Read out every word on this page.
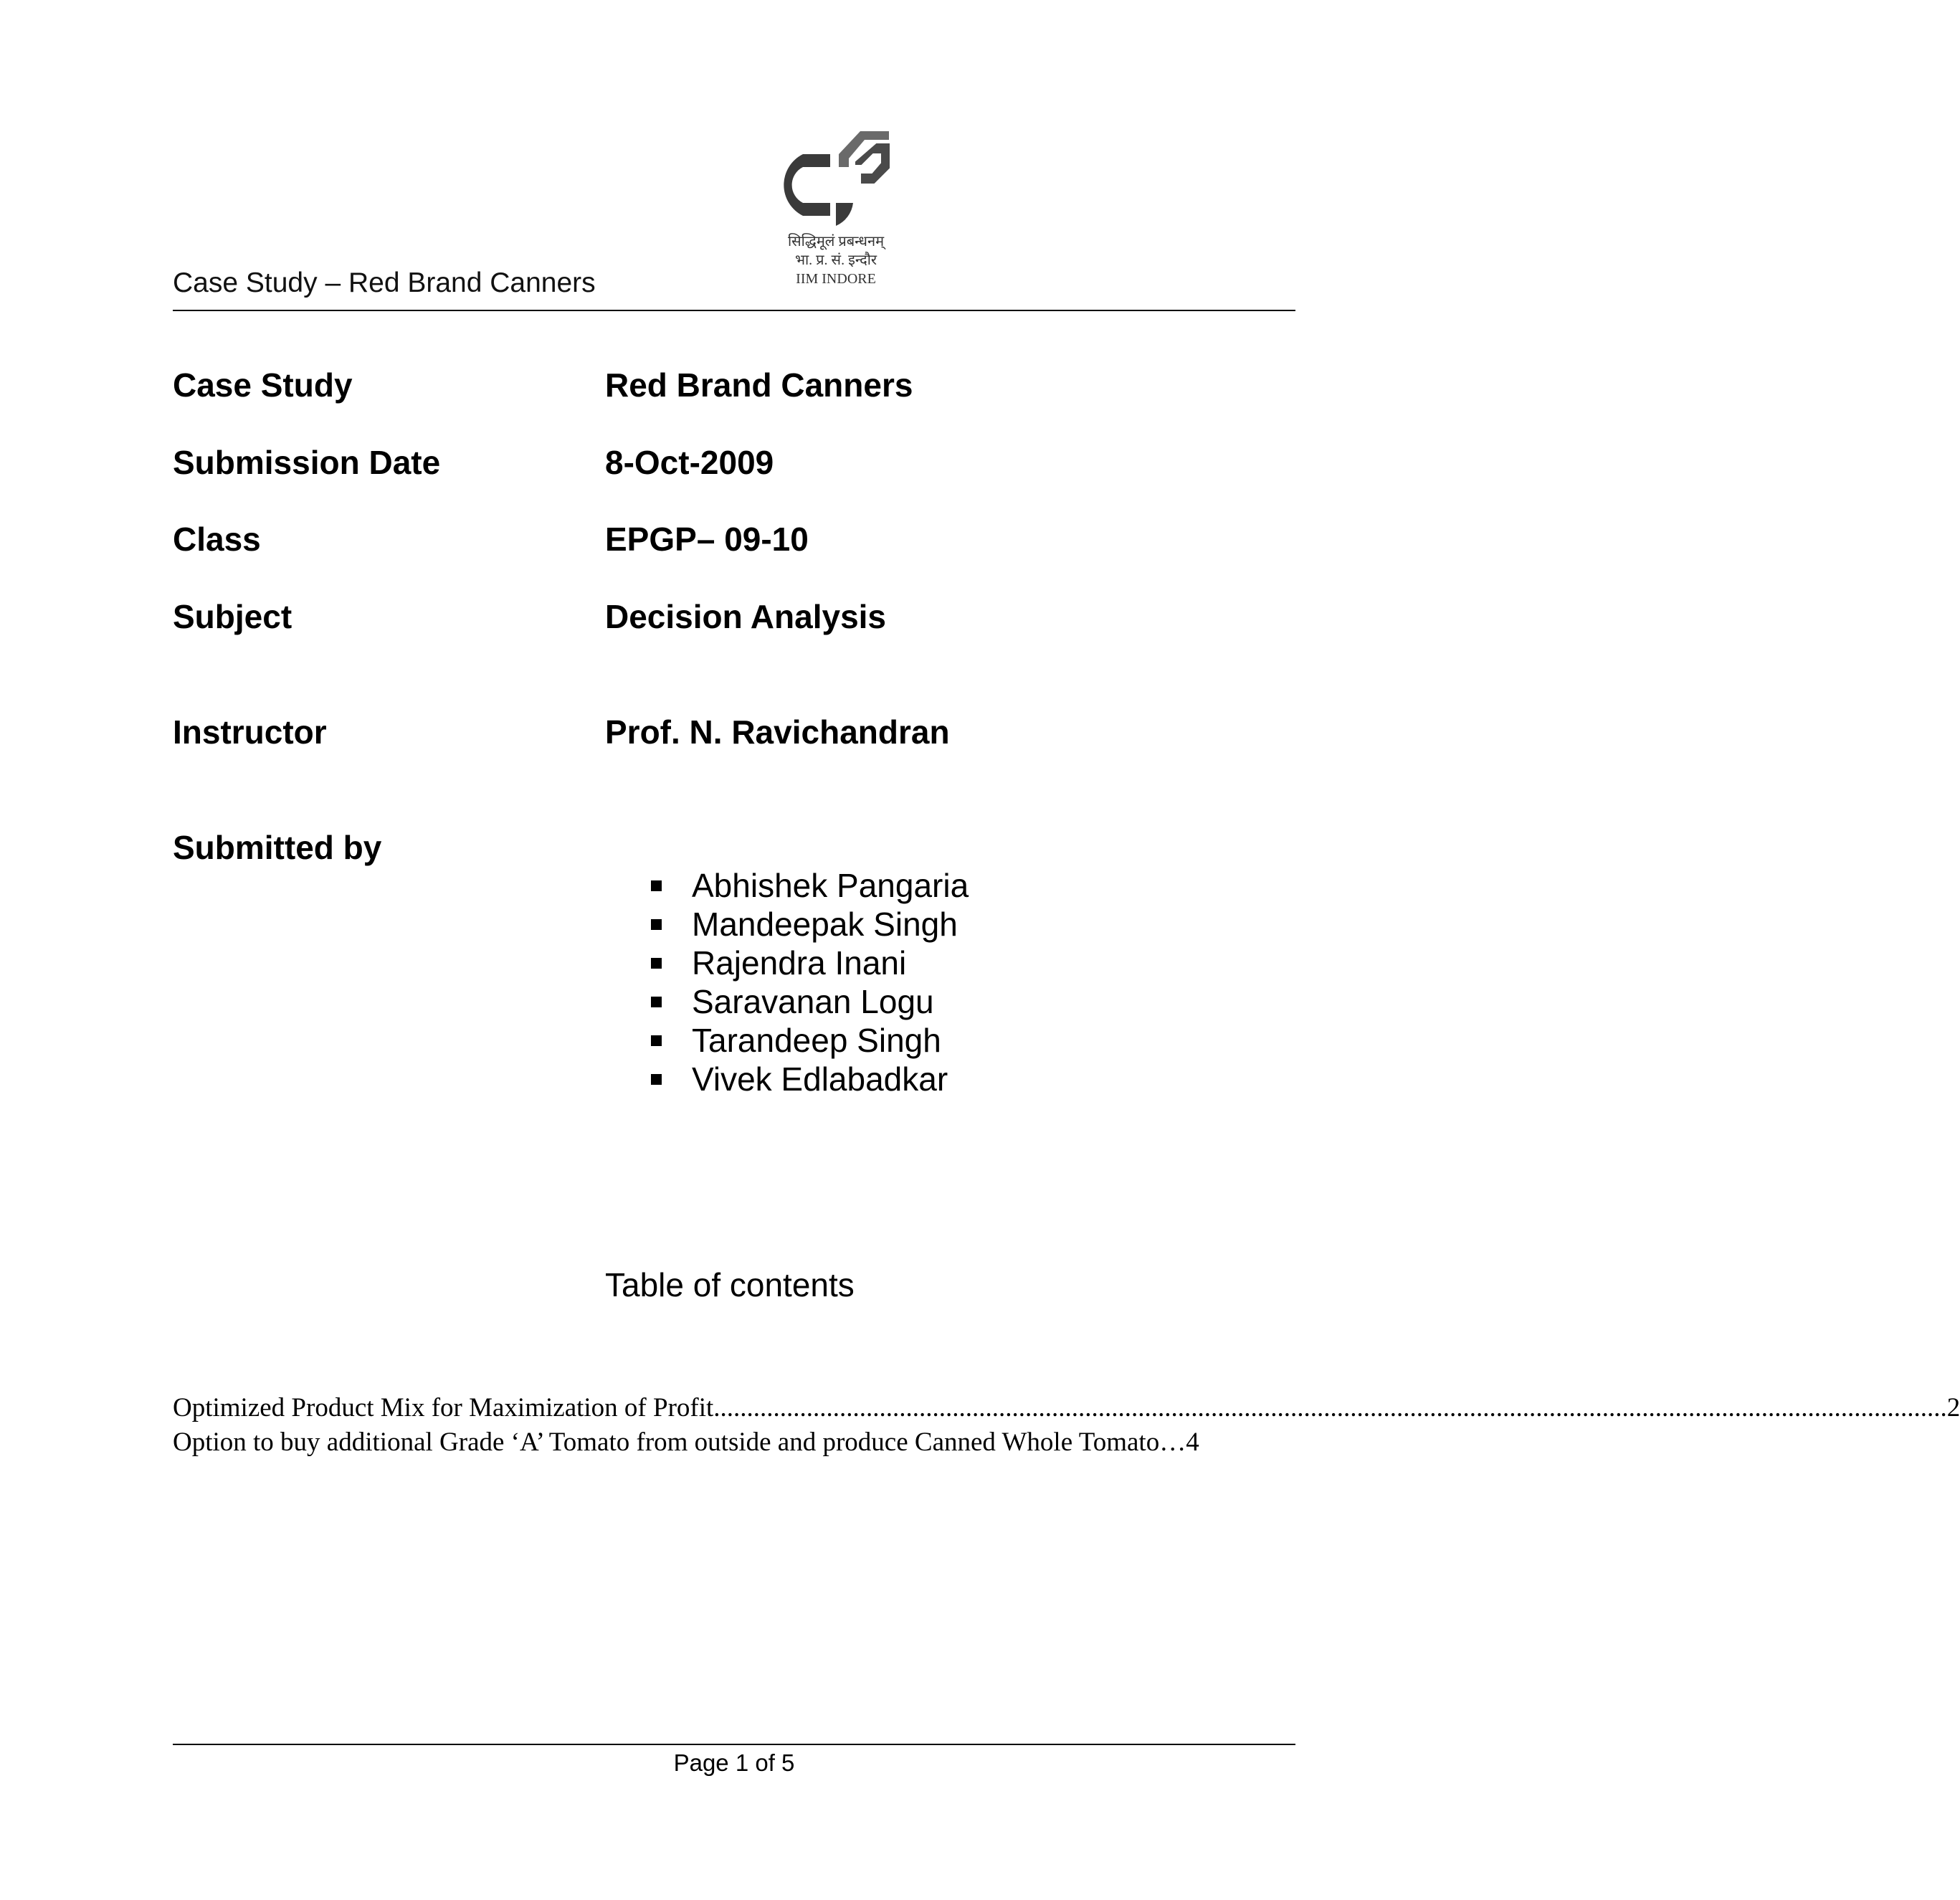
Case Study – Red Brand Canners
सिद्धिमूलं प्रबन्धनम्
भा. प्र. सं. इन्दौर
IIM INDORE
Case Study	Red Brand Canners
Submission Date	8-Oct-2009
Class	EPGP– 09-10
Subject	Decision Analysis
Instructor	Prof. N. Ravichandran
Submitted by
Abhishek Pangaria
Mandeepak Singh
Rajendra Inani
Saravanan Logu
Tarandeep Singh
Vivek Edlabadkar
Table of contents
Optimized Product Mix for Maximization of Profit .......................................................................................................................................................................................... 2
Option to buy additional Grade ‘A’ Tomato from outside and produce Canned Whole Tomato … 4
Page 1 of 5
